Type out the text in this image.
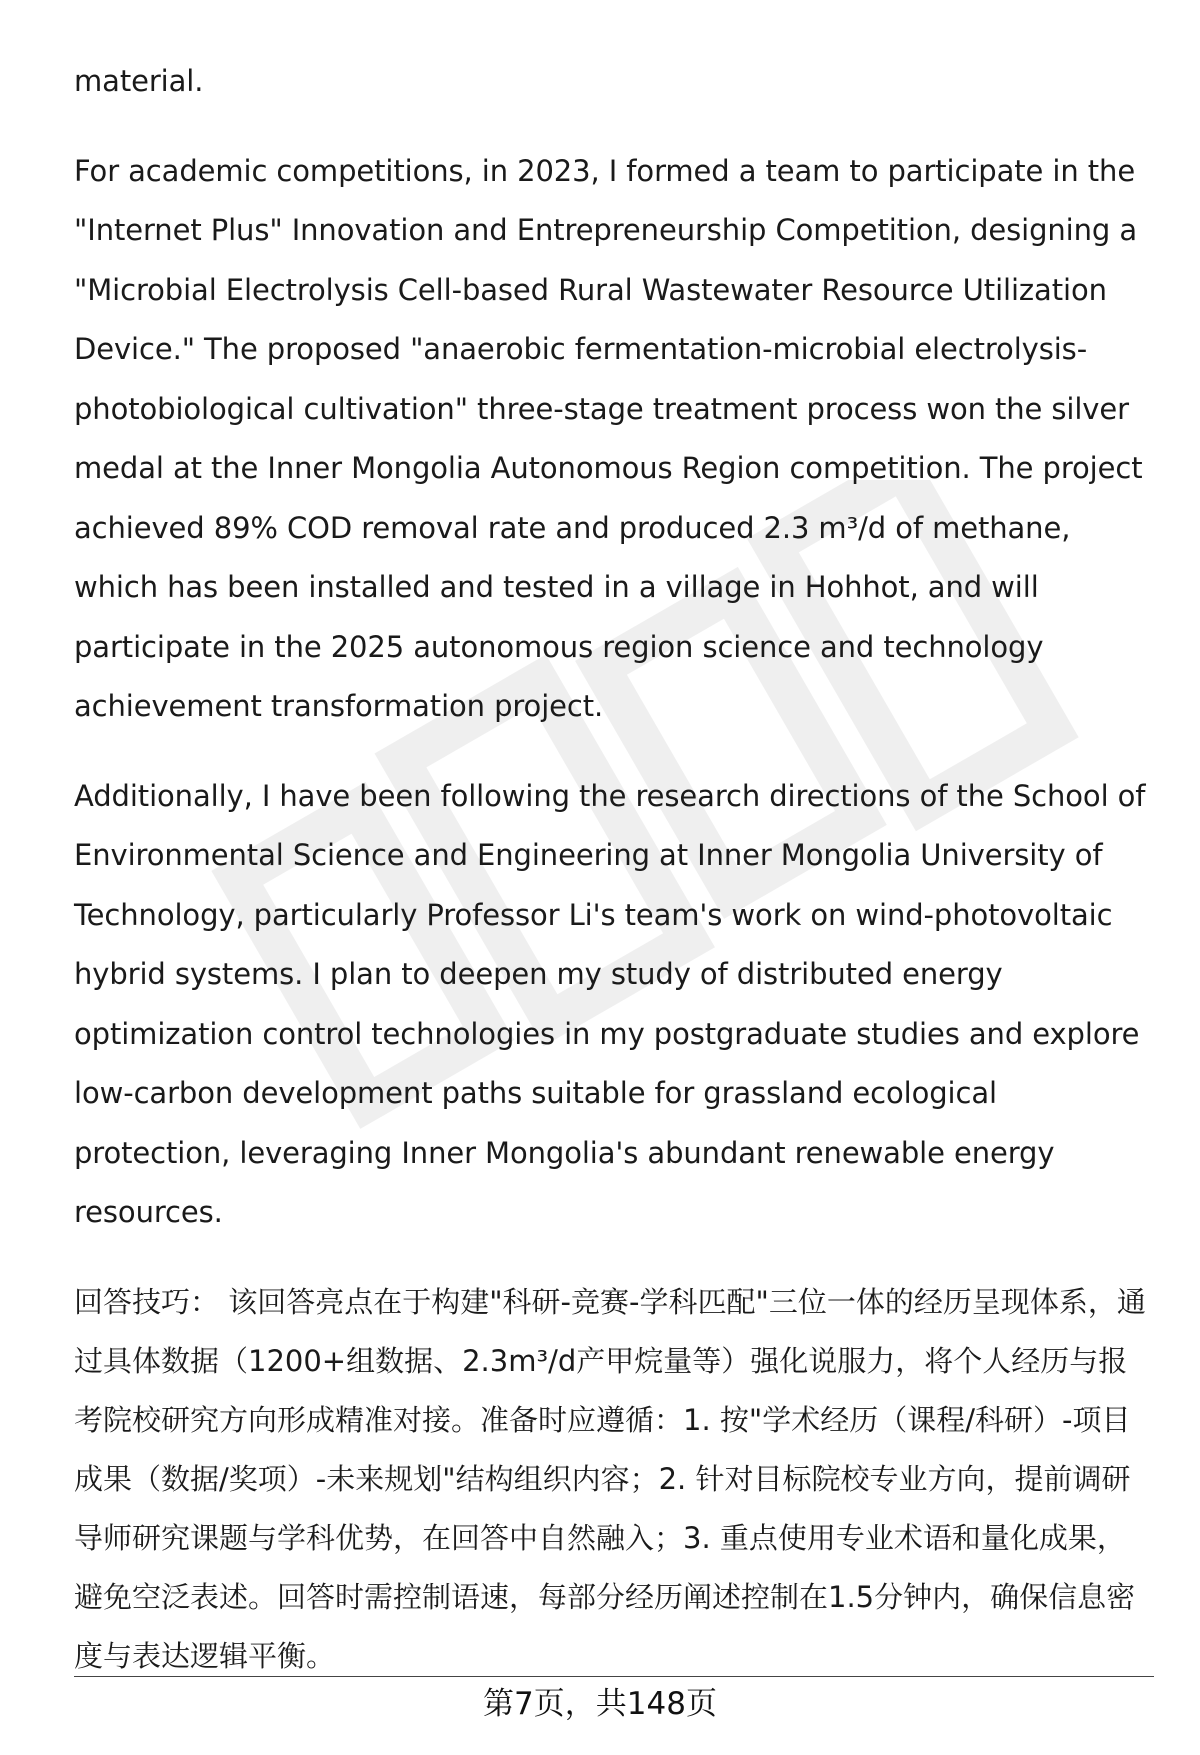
material.

For academic competitions, in 2023, I formed a team to participate in the "Internet Plus" Innovation and Entrepreneurship Competition, designing a "Microbial Electrolysis Cell-based Rural Wastewater Resource Utilization Device." The proposed "anaerobic fermentation-microbial electrolysis-photobiological cultivation" three-stage treatment process won the silver medal at the Inner Mongolia Autonomous Region competition. The project achieved 89% COD removal rate and produced 2.3 m³/d of methane, which has been installed and tested in a village in Hohhot, and will participate in the 2025 autonomous region science and technology achievement transformation project.

Additionally, I have been following the research directions of the School of Environmental Science and Engineering at Inner Mongolia University of Technology, particularly Professor Li's team's work on wind-photovoltaic hybrid systems. I plan to deepen my study of distributed energy optimization control technologies in my postgraduate studies and explore low-carbon development paths suitable for grassland ecological protection, leveraging Inner Mongolia's abundant renewable energy resources.

回答技巧： 该回答亮点在于构建"科研-竞赛-学科匹配"三位一体的经历呈现体系，通过具体数据（1200+组数据、2.3m³/d产甲烷量等）强化说服力，将个人经历与报考院校研究方向形成精准对接。准备时应遵循：1. 按"学术经历（课程/科研）-项目成果（数据/奖项）-未来规划"结构组织内容；2. 针对目标院校专业方向，提前调研导师研究课题与学科优势，在回答中自然融入；3. 重点使用专业术语和量化成果，避免空泛表述。回答时需控制语速，每部分经历阐述控制在1.5分钟内，确保信息密度与表达逻辑平衡。

第7页，共148页
